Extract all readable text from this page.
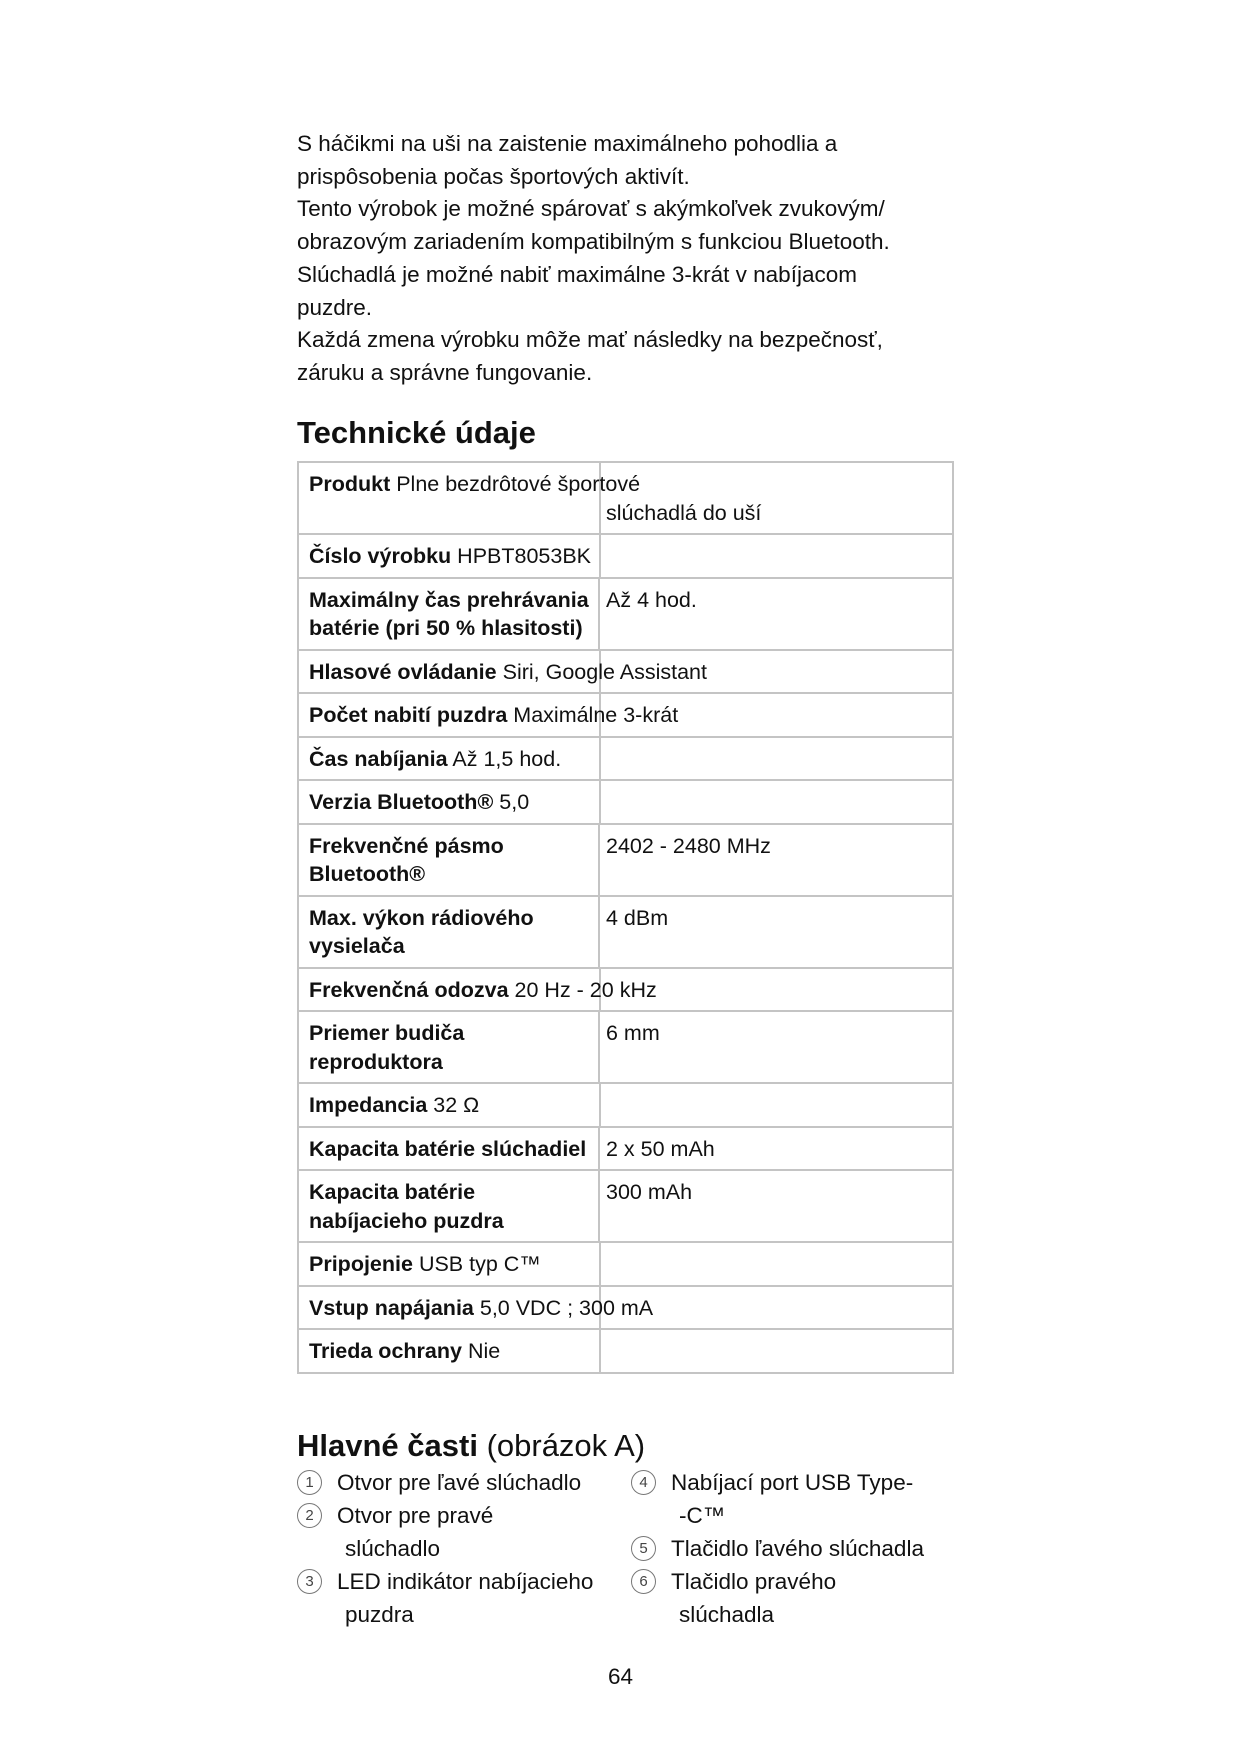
S háčikmi na uši na zaistenie maximálneho pohodlia a

prispôsobenia počas športových aktivít.

Tento výrobok je možné spárovať s akýmkoľvek zvukovým/

obrazovým zariadením kompatibilným s funkciou Bluetooth.

Slúchadlá je možné nabiť maximálne 3-krát v nabíjacom

puzdre.

Každá zmena výrobku môže mať následky na bezpečnosť,

záruku a správne fungovanie.

Technické údaje
Produkt Plne bezdrôtové športové
slúchadlá do uší	

Číslo výrobku HPBT8053BK	
Maximálny čas prehrávania batérie (pri 50 % hlasitosti)	Až 4 hod.
Hlasové ovládanie Siri, Google Assistant	
Počet nabití puzdra Maximálne 3-krát	
Čas nabíjania Až 1,5 hod.	
Verzia Bluetooth® 5,0	
Frekvenčné pásmo Bluetooth®	2402 - 2480 MHz
Max. výkon rádiového vysielača	4 dBm
Frekvenčná odozva 20 Hz - 20 kHz	
Priemer budiča reproduktora	6 mm
Impedancia 32 Ω	
Kapacita batérie slúchadiel	2 x 50 mAh
Kapacita batérie nabíjacieho puzdra	300 mAh
Pripojenie USB typ C™	
Vstup napájania 5,0 VDC ; 300 mA	
Trieda ochrany Nie	
Hlavné časti (obrázok A)
1	Otvor pre ľavé slúchadlo
2	Otvor pre pravé
slúchadlo
3	LED indikátor nabíjacieho
puzdra
4	Nabíjací port USB Type-
-C™
5	Tlačidlo ľavého slúchadla
6	Tlačidlo pravého
slúchadla
64
